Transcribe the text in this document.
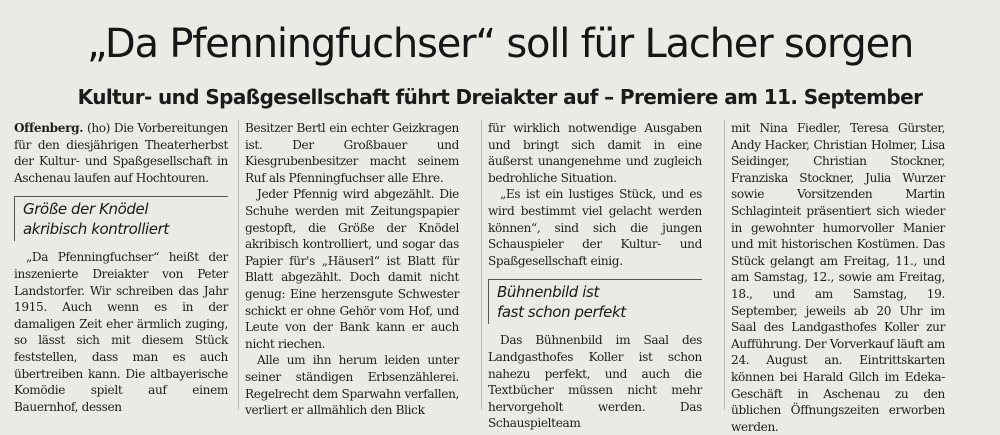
„Da Pfenningfuchser“ soll für Lacher sorgen
Kultur- und Spaßgesellschaft führt Dreiakter auf – Premiere am 11. September

Offenberg. (ho) Die Vorbereitungen für den diesjährigen Theaterherbst der Kultur- und Spaßgesellschaft in Aschenau laufen auf Hochtouren.

Größe der Knödel
akribisch kontrolliert

„Da Pfenningfuchser“ heißt der inszenierte Dreiakter von Peter Landstorfer. Wir schreiben das Jahr 1915. Auch wenn es in der damaligen Zeit eher ärmlich zuging, so lässt sich mit diesem Stück feststellen, dass man es auch übertreiben kann. Die altbayerische Komödie spielt auf einem Bauernhof, dessen

Besitzer Bertl ein echter Geizkragen ist. Der Großbauer und Kiesgrubenbesitzer macht seinem Ruf als Pfenningfuchser alle Ehre.

Jeder Pfennig wird abgezählt. Die Schuhe werden mit Zeitungspapier gestopft, die Größe der Knödel akribisch kontrolliert, und sogar das Papier für's „Häuserl“ ist Blatt für Blatt abgezählt. Doch damit nicht genug: Eine herzensgute Schwester schickt er ohne Gehör vom Hof, und Leute von der Bank kann er auch nicht riechen.

Alle um ihn herum leiden unter seiner ständigen Erbsenzählerei. Regelrecht dem Sparwahn verfallen, verliert er allmählich den Blick

für wirklich notwendige Ausgaben und bringt sich damit in eine äußerst unangenehme und zugleich bedrohliche Situation.

„Es ist ein lustiges Stück, und es wird bestimmt viel gelacht werden können“, sind sich die jungen Schauspieler der Kultur- und Spaßgesellschaft einig.

Bühnenbild ist
fast schon perfekt

Das Bühnenbild im Saal des Landgasthofes Koller ist schon nahezu perfekt, und auch die Textbücher müssen nicht mehr hervorgeholt werden. Das Schauspielteam

mit Nina Fiedler, Teresa Gürster, Andy Hacker, Christian Holmer, Lisa Seidinger, Christian Stockner, Franziska Stockner, Julia Wurzer sowie Vorsitzenden Martin Schlaginteit präsentiert sich wieder in gewohnter humorvoller Manier und mit historischen Kostümen. Das Stück gelangt am Freitag, 11., und am Samstag, 12., sowie am Freitag, 18., und am Samstag, 19. September, jeweils ab 20 Uhr im Saal des Landgasthofes Koller zur Aufführung. Der Vorverkauf läuft am 24. August an. Eintrittskarten können bei Harald Gilch im Edeka-Geschäft in Aschenau zu den üblichen Öffnungszeiten erworben werden.
